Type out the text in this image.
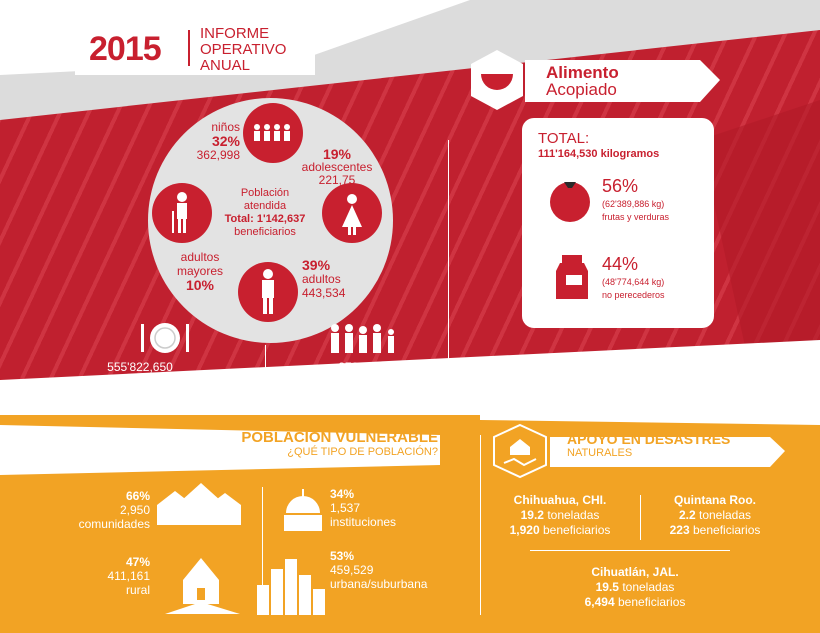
2015	INFORME
OPERATIVO
ANUAL
Población
atendida
Total: 1'142,637
beneficiarios
niños
32%
362,998	19%
adolescentes
221,75
39%
adultos
443,534
adultos
mayores
10%
555'822,650
RACIONES de ALIMENTOS
272,056
FAMILIAS
Alimento
Acopiado
TOTAL:
111'164,530 kilogramos
56%
(62'389,886 kg)
frutas y verduras
44%
(48'774,644 kg)
no perecederos
POBLACIÓN VULNERABLE
¿QUÉ TIPO DE POBLACIÓN?
66%
2,950
comunidades
34%
1,537
instituciones
47%
411,161
rural
53%
459,529
urbana/suburbana
APOYO EN DESASTRES
NATURALES
Chihuahua, CHI.
19.2 toneladas
1,920 beneficiarios
Quintana Roo.
2.2 toneladas
223 beneficiarios
Cihuatlán, JAL.
19.5 toneladas
6,494 beneficiarios
